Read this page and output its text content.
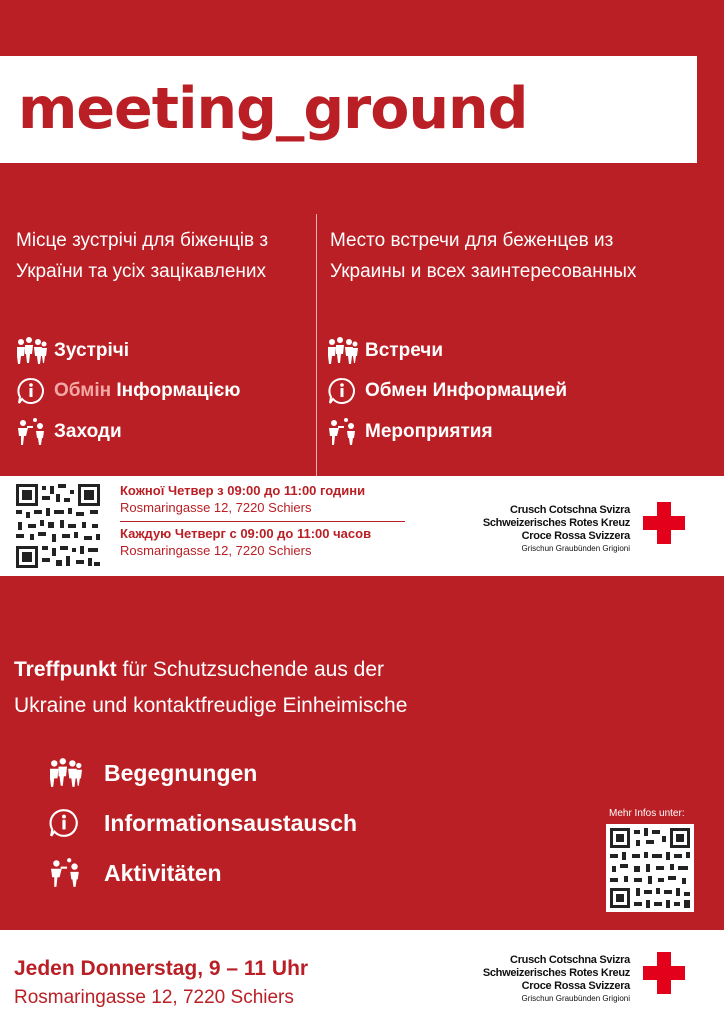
meeting_ground
Місце зустрічі для біженців з
України та усіх зацікавлених
Место встречи для беженцев из
Украины и всех заинтересованных
Зустрічі
Обмін Інформацією
Заходи
Встречи
Обмен Информацией
Мероприятия
Кожної Четвер з 09:00 до 11:00 години
Rosmaringasse 12, 7220 Schiers
Каждую Четверг с 09:00 до 11:00 часов
Rosmaringasse 12, 7220 Schiers
Crusch Cotschna Svizra
Schweizerisches Rotes Kreuz
Croce Rossa Svizzera
Grischun Graubünden Grigioni
Treffpunkt für Schutzsuchende aus der
Ukraine und kontaktfreudige Einheimische
Begegnungen
Informationsaustausch
Aktivitäten
Mehr Infos unter:
Jeden Donnerstag, 9 – 11 Uhr
Rosmaringasse 12, 7220 Schiers
Crusch Cotschna Svizra
Schweizerisches Rotes Kreuz
Croce Rossa Svizzera
Grischun Graubünden Grigioni
